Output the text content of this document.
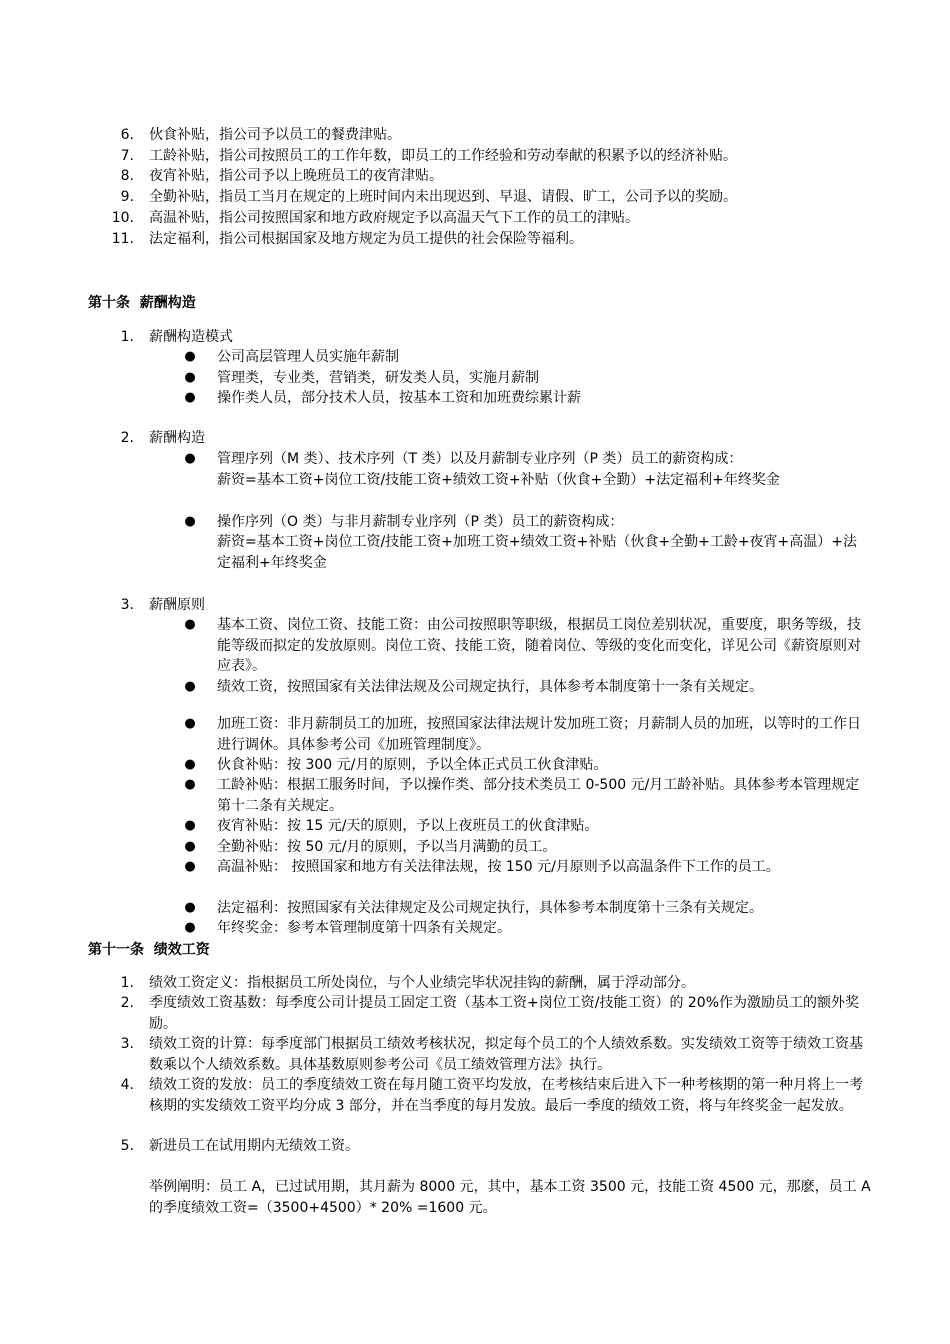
6. 伙食补贴，指公司予以员工的餐费津贴。
7. 工龄补贴，指公司按照员工的工作年数，即员工的工作经验和劳动奉献的积累予以的经济补贴。
8. 夜宵补贴，指公司予以上晚班员工的夜宵津贴。
9. 全勤补贴，指员工当月在规定的上班时间内未出现迟到、早退、请假、旷工，公司予以的奖励。
10. 高温补贴，指公司按照国家和地方政府规定予以高温天气下工作的员工的津贴。
11. 法定福利，指公司根据国家及地方规定为员工提供的社会保险等福利。
第十条  薪酬构造
1. 薪酬构造模式
● 公司高层管理人员实施年薪制
● 管理类，专业类，营销类，研发类人员，实施月薪制
● 操作类人员，部分技术人员，按基本工资和加班费综累计薪
2. 薪酬构造
● 管理序列（M 类）、技术序列（T 类）以及月薪制专业序列（P 类）员工的薪资构成：
薪资=基本工资+岗位工资/技能工资+绩效工资+补贴（伙食+全勤）+法定福利+年终奖金
● 操作序列（O 类）与非月薪制专业序列（P 类）员工的薪资构成：
薪资=基本工资+岗位工资/技能工资+加班工资+绩效工资+补贴（伙食+全勤+工龄+夜宵+高温）+法定福利+年终奖金
3. 薪酬原则
● 基本工资、岗位工资、技能工资：由公司按照职等职级，根据员工岗位差别状况，重要度，职务等级，技能等级而拟定的发放原则。岗位工资、技能工资，随着岗位、等级的变化而变化，详见公司《薪资原则对应表》。
● 绩效工资，按照国家有关法律法规及公司规定执行，具体参考本制度第十一条有关规定。
● 加班工资：非月薪制员工的加班，按照国家法律法规计发加班工资；月薪制人员的加班，以等时的工作日进行调休。具体参考公司《加班管理制度》。
● 伙食补贴：按 300 元/月的原则，予以全体正式员工伙食津贴。
● 工龄补贴：根据工服务时间，予以操作类、部分技术类员工 0-500 元/月工龄补贴。具体参考本管理规定第十二条有关规定。
● 夜宵补贴：按 15 元/天的原则，予以上夜班员工的伙食津贴。
● 全勤补贴：按 50 元/月的原则，予以当月满勤的员工。
● 高温补贴： 按照国家和地方有关法律法规，按 150 元/月原则予以高温条件下工作的员工。
● 法定福利：按照国家有关法律规定及公司规定执行，具体参考本制度第十三条有关规定。
● 年终奖金：参考本管理制度第十四条有关规定。
第十一条  绩效工资
1. 绩效工资定义：指根据员工所处岗位，与个人业绩完毕状况挂钩的薪酬，属于浮动部分。
2. 季度绩效工资基数：每季度公司计提员工固定工资（基本工资+岗位工资/技能工资）的 20%作为激励员工的额外奖励。
3. 绩效工资的计算：每季度部门根据员工绩效考核状况，拟定每个员工的个人绩效系数。实发绩效工资等于绩效工资基数乘以个人绩效系数。具体基数原则参考公司《员工绩效管理方法》执行。
4. 绩效工资的发放：员工的季度绩效工资在每月随工资平均发放，在考核结束后进入下一种考核期的第一种月将上一考核期的实发绩效工资平均分成 3 部分，并在当季度的每月发放。最后一季度的绩效工资，将与年终奖金一起发放。
5. 新进员工在试用期内无绩效工资。
举例阐明：员工 A，已过试用期，其月薪为 8000 元，其中，基本工资 3500 元，技能工资 4500 元，那麽，员工 A 的季度绩效工资=（3500+4500）* 20% =1600 元。
